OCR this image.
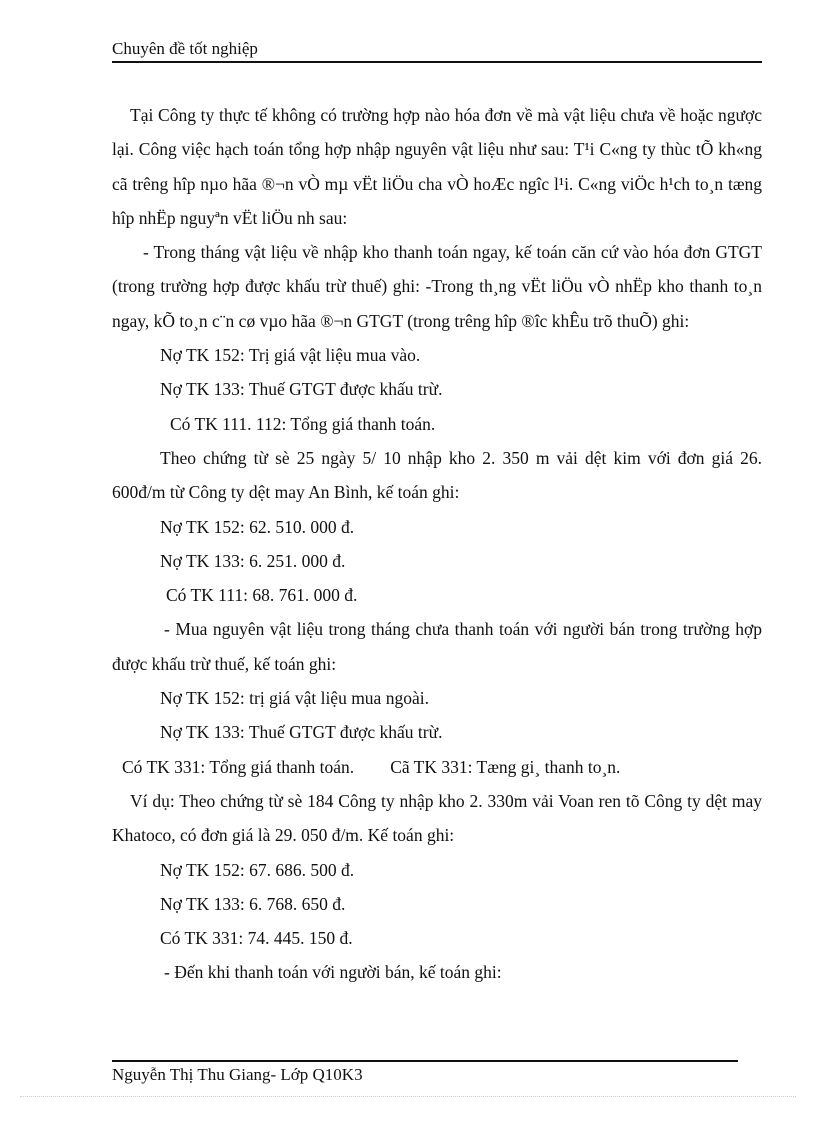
Chuyên đề tốt nghiệp

Tại Công ty thực tế không có trường hợp nào hóa đơn về mà vật liệu chưa về hoặc ngược lại. Công việc hạch toán tổng hợp nhập nguyên vật liệu như sau: T¹i C«ng ty thùc tÕ kh«ng cã trêng hîp nµo hãa ®¬n vÒ mµ vËt liÖu cha vÒ hoÆc ngîc l¹i. C«ng viÖc h¹ch to¸n tæng hîp nhËp nguyªn vËt liÖu nh sau:

- Trong tháng vật liệu về nhập kho thanh toán ngay, kế toán căn cứ vào hóa đơn GTGT (trong trường hợp được khấu trừ thuế) ghi: -Trong th¸ng vËt liÖu vÒ nhËp kho thanh to¸n ngay, kÕ to¸n c¨n cø vµo hãa ®¬n GTGT (trong trêng hîp ®îc khÊu trõ thuÕ) ghi:

Nợ TK 152: Trị giá vật liệu mua vào.

Nợ TK 133: Thuế GTGT được khấu trừ.

Có TK 111. 112: Tổng giá thanh toán.

Theo chứng từ sè 25 ngày 5/ 10 nhập kho 2. 350 m vải dệt kim với đơn giá 26. 600đ/m từ Công ty dệt may An Bình, kế toán ghi:

Nợ TK 152: 62. 510. 000 đ.

Nợ TK 133: 6. 251. 000 đ.

Có TK 111: 68. 761. 000 đ.

- Mua nguyên vật liệu trong tháng chưa thanh toán với người bán trong trường hợp được khấu trừ thuế, kế toán ghi:

Nợ TK 152: trị giá vật liệu mua ngoài.

Nợ TK 133: Thuế GTGT được khấu trừ.

Có TK 331: Tổng giá thanh toán. Cã TK 331: Tæng gi¸ thanh to¸n.

Ví dụ: Theo chứng từ sè 184 Công ty nhập kho 2. 330m vải Voan ren tõ Công ty dệt may Khatoco, có đơn giá là 29. 050 đ/m. Kế toán ghi:

Nợ TK 152: 67. 686. 500 đ.

Nợ TK 133: 6. 768. 650 đ.

Có TK 331: 74. 445. 150 đ.

- Đến khi thanh toán với người bán, kế toán ghi:

Nguyễn Thị Thu Giang- Lớp Q10K3
